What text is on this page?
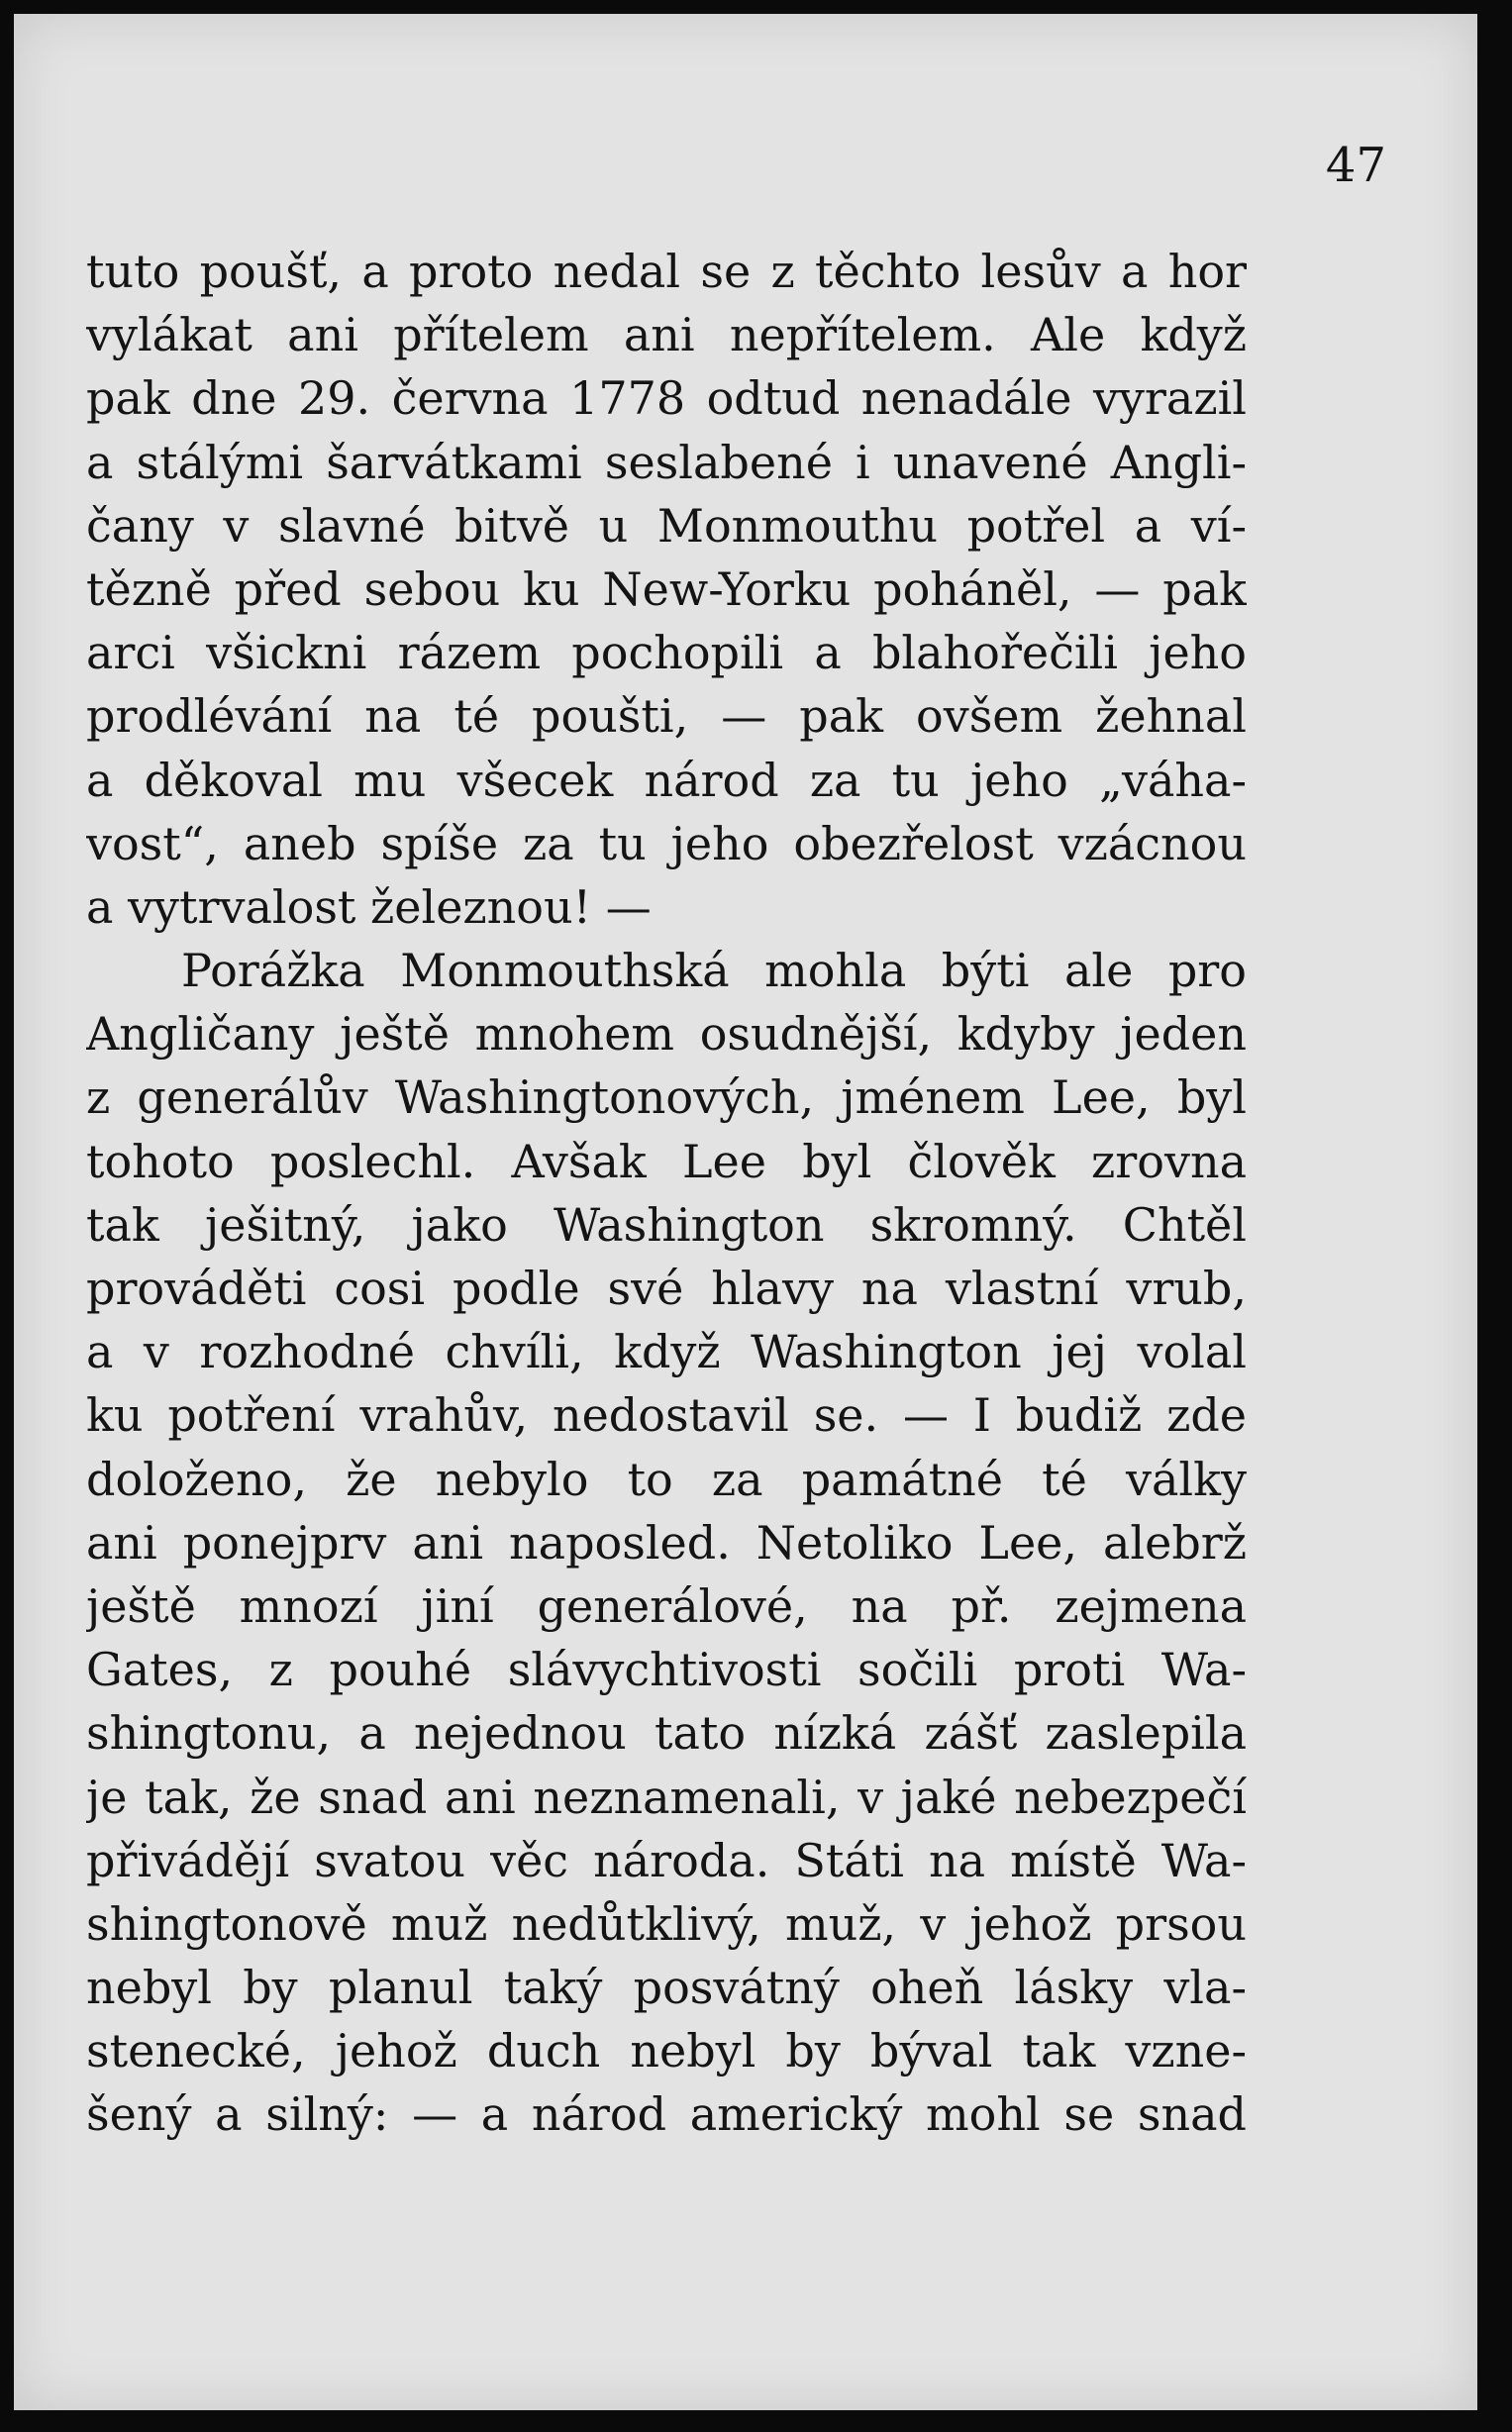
47
tuto poušť, a proto nedal se z těchto lesův a hor
vylákat ani přítelem ani nepřítelem. Ale když
pak dne 29. června 1778 odtud nenadále vyrazil
a stálými šarvátkami seslabené i unavené Angli-
čany v slavné bitvě u Monmouthu potřel a ví-
tězně před sebou ku New-Yorku poháněl, — pak
arci všickni rázem pochopili a blahořečili jeho
prodlévání na té poušti, — pak ovšem žehnal
a děkoval mu všecek národ za tu jeho „váha-
vost“, aneb spíše za tu jeho obezřelost vzácnou
a vytrvalost železnou! —
Porážka Monmouthská mohla býti ale pro
Angličany ještě mnohem osudnější, kdyby jeden
z generálův Washingtonových, jménem Lee, byl
tohoto poslechl. Avšak Lee byl člověk zrovna
tak ješitný, jako Washington skromný. Chtěl
prováděti cosi podle své hlavy na vlastní vrub,
a v rozhodné chvíli, když Washington jej volal
ku potření vrahův, nedostavil se. — I budiž zde
doloženo, že nebylo to za památné té války
ani ponejprv ani naposled. Netoliko Lee, alebrž
ještě mnozí jiní generálové, na př. zejmena
Gates, z pouhé slávychtivosti sočili proti Wa-
shingtonu, a nejednou tato nízká zášť zaslepila
je tak, že snad ani neznamenali, v jaké nebezpečí
přivádějí svatou věc národa. Státi na místě Wa-
shingtonově muž nedůtklivý, muž, v jehož prsou
nebyl by planul taký posvátný oheň lásky vla-
stenecké, jehož duch nebyl by býval tak vzne-
šený a silný: — a národ americký mohl se snad
